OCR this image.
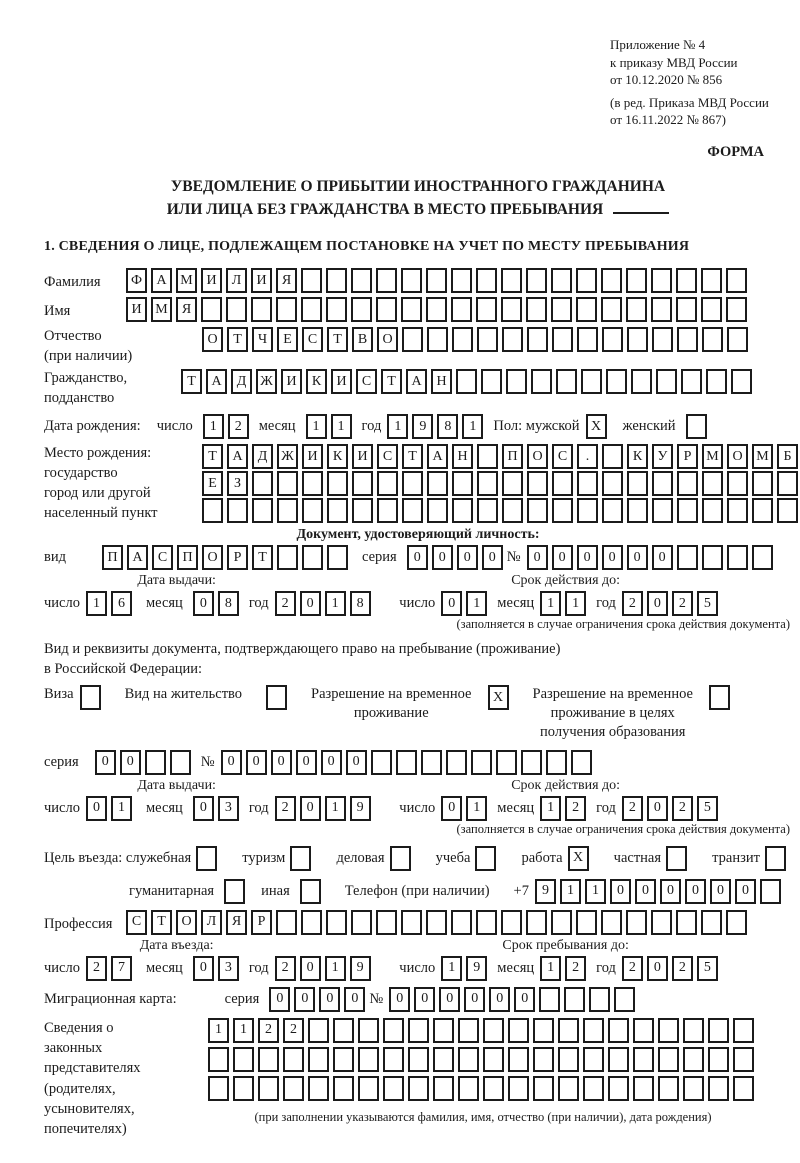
Приложение № 4
к приказу МВД России
от 10.12.2020 № 856
(в ред. Приказа МВД России
от 16.11.2022 № 867)
ФОРМА
УВЕДОМЛЕНИЕ О ПРИБЫТИИ ИНОСТРАННОГО ГРАЖДАНИНА
ИЛИ ЛИЦА БЕЗ ГРАЖДАНСТВА В МЕСТО ПРЕБЫВАНИЯ
1. СВЕДЕНИЯ О ЛИЦЕ, ПОДЛЕЖАЩЕМ ПОСТАНОВКЕ НА УЧЕТ ПО МЕСТУ ПРЕБЫВАНИЯ
Фамилия	Ф	А М И	Л	И	Я
Имя	И М	Я
Отчество
(при наличии)
О	Т	Ч	Е	С	Т	В	О
Гражданство,
подданство
Т	А	Д Ж И	К	И	С	Т	А	Н
Дата рождения: число	1	2	месяц	1	1	год 1	9	8	1	Пол: мужской X	женский
Место рождения:
государство
город или другой
населенный пункт
Т	А	Д Ж И	К	И	С	Т	А	Н	П	О	С	.	К	У	Р	М О М	Б
Е	З
Документ, удостоверяющий личность:
вид	П	А	С	П	О	Р	Т	серия	0	0	0	0 № 0	0	0	0	0	0
Дата выдачи:
число 1	6	месяц	0	8	год 2	0	1	8
Срок действия до:
число 0	1	месяц 1	1	год 2	0	2	5
(заполняется в случае ограничения срока действия документа)
Вид и реквизиты документа, подтверждающего право на пребывание (проживание)
в Российской Федерации:
Виза	Вид на жительство	Разрешение на временное
проживание
X	Разрешение на временное
проживание в целях
получения образования
серия	0	0	№ 0	0	0	0	0	0
Дата выдачи:
число 0	1	месяц	0	3	год 2	0	1	9
Срок действия до:
число 0	1	месяц 1	2	год 2	0	2	5
(заполняется в случае ограничения срока действия документа)
Цель въезда: служебная	туризм	деловая	учеба	работа X	частная	транзит
гуманитарная	иная	Телефон (при наличии) +7 9	1	1	0	0	0	0	0	0
Профессия	С	Т	О	Л	Я	Р
Дата въезда:
число 2	7	месяц	0	3	год 2	0	1	9
Срок пребывания до:
число 1	9	месяц 1	2	год 2	0	2	5
Миграционная карта:	серия	0	0	0	0 № 0	0	0	0	0	0
Сведения о
законных
представителях
(родителях,
усыновителях,
попечителях)
1	1	2	2
(при заполнении указываются фамилия, имя, отчество (при наличии), дата рождения)
